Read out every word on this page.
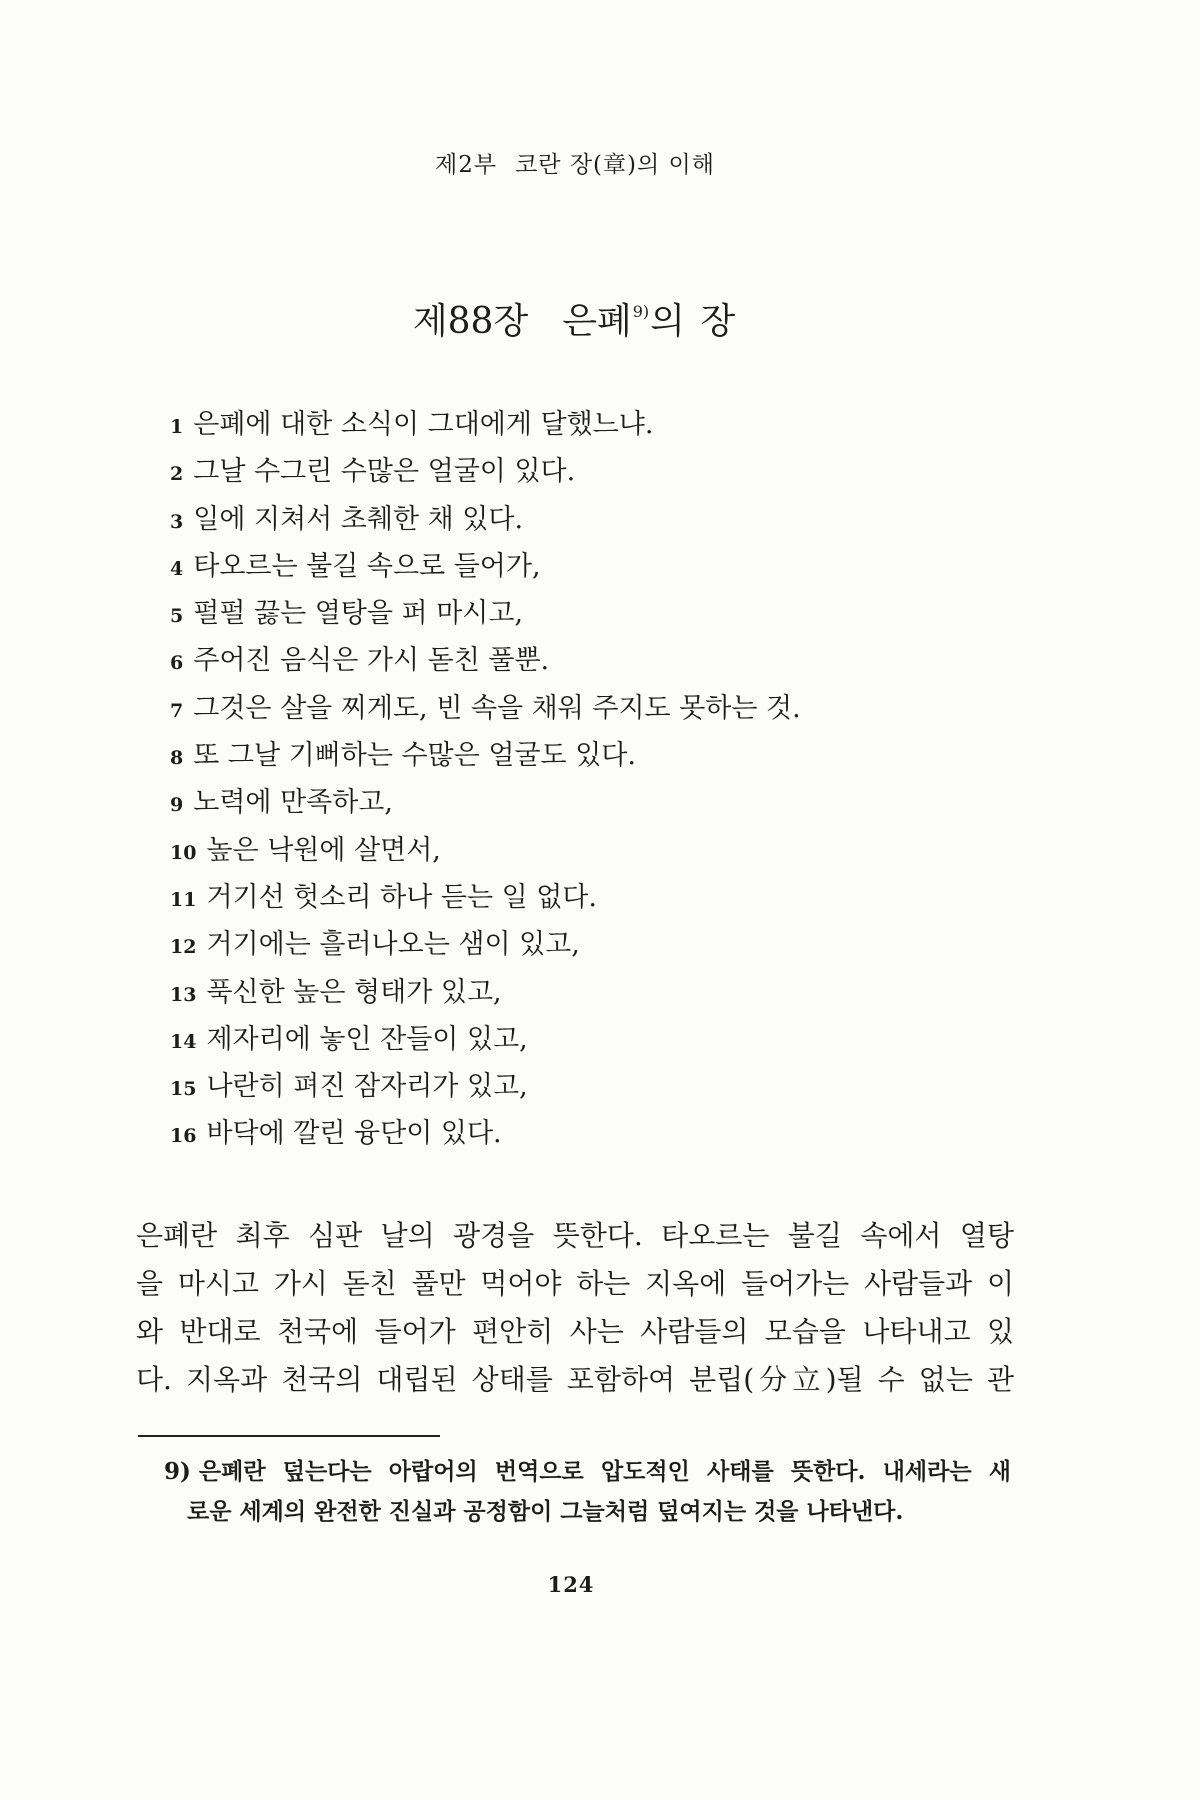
제2부 코란 장(章)의 이해
제88장 은폐$^{9)}$의 장
1 은폐에 대한 소식이 그대에게 달했느냐.
2 그날 수그린 수많은 얼굴이 있다.
3 일에 지쳐서 초췌한 채 있다.
4 타오르는 불길 속으로 들어가,
5 펄펄 끓는 열탕을 퍼 마시고,
6 주어진 음식은 가시 돋친 풀뿐.
7 그것은 살을 찌게도, 빈 속을 채워 주지도 못하는 것.
8 또 그날 기뻐하는 수많은 얼굴도 있다.
9 노력에 만족하고,
10 높은 낙원에 살면서,
11 거기선 헛소리 하나 듣는 일 없다.
12 거기에는 흘러나오는 샘이 있고,
13 푹신한 높은 형태가 있고,
14 제자리에 놓인 잔들이 있고,
15 나란히 펴진 잠자리가 있고,
16 바닥에 깔린 융단이 있다.
은폐란 최후 심판 날의 광경을 뜻한다. 타오르는 불길 속에서 열탕
을 마시고 가시 돋친 풀만 먹어야 하는 지옥에 들어가는 사람들과 이
와 반대로 천국에 들어가 편안히 사는 사람들의 모습을 나타내고 있
다. 지옥과 천국의 대립된 상태를 포함하여 분립(分立)될 수 없는 관
9) 은폐란 덮는다는 아랍어의 번역으로 압도적인 사태를 뜻한다. 내세라는 새
로운 세계의 완전한 진실과 공정함이 그늘처럼 덮여지는 것을 나타낸다.
124
